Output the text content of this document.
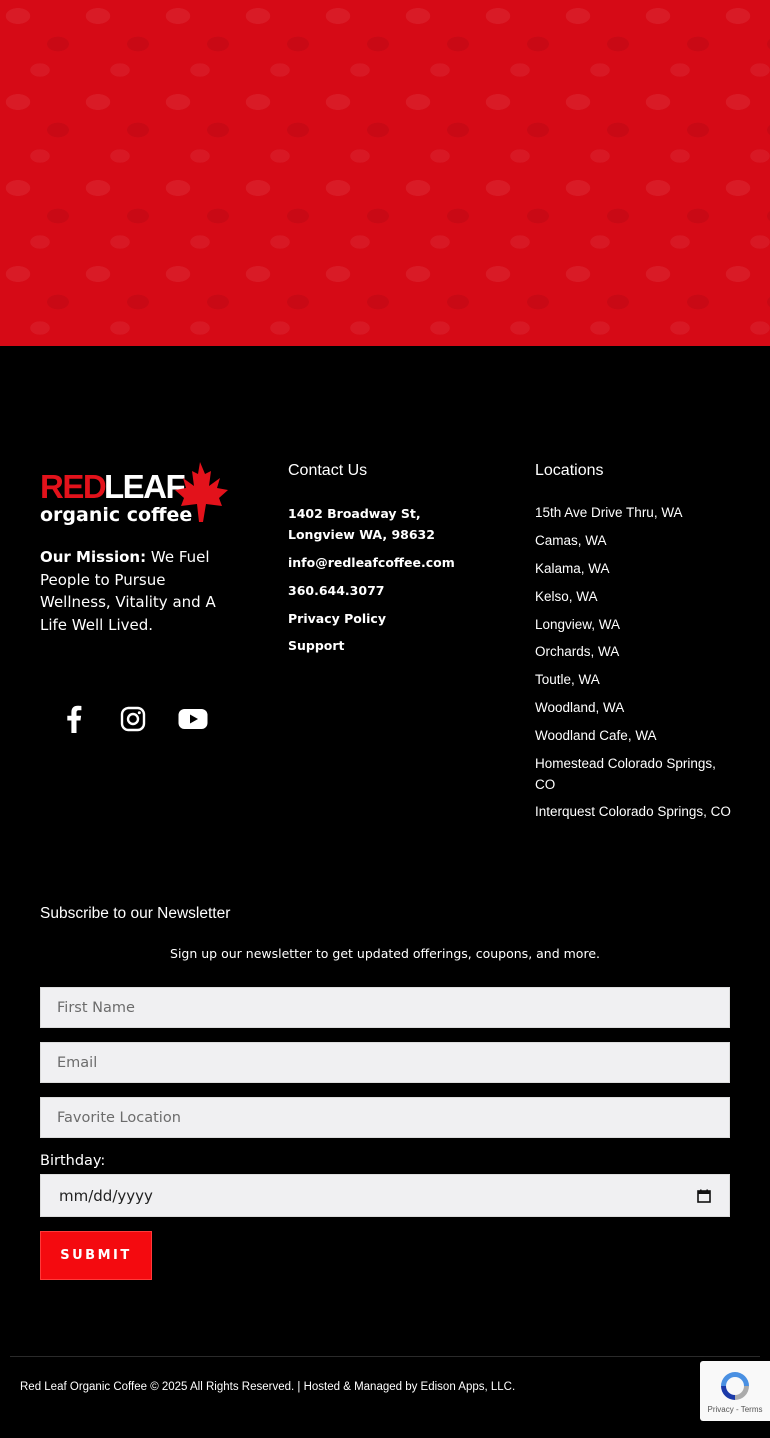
RED
LEAF
organic coffee

Our Mission: We Fuel People to Pursue Wellness, Vitality and A Life Well Lived.

Contact Us
1402 Broadway St, Longview WA, 98632
info@redleafcoffee.com
360.644.3077
Privacy Policy
Support
Locations
15th Ave Drive Thru, WA
Camas, WA
Kalama, WA
Kelso, WA
Longview, WA
Orchards, WA
Toutle, WA
Woodland, WA
Woodland Cafe, WA
Homestead Colorado Springs, CO
Interquest Colorado Springs, CO
Subscribe to our Newsletter
Sign up our newsletter to get updated offerings, coupons, and more.
First Name
Email
Favorite Location
Birthday:
mm/dd/yyyy
SUBMIT
Red Leaf Organic Coffee © 2025 All Rights Reserved. | Hosted & Managed by Edison Apps, LLC.
Privacy - Terms
